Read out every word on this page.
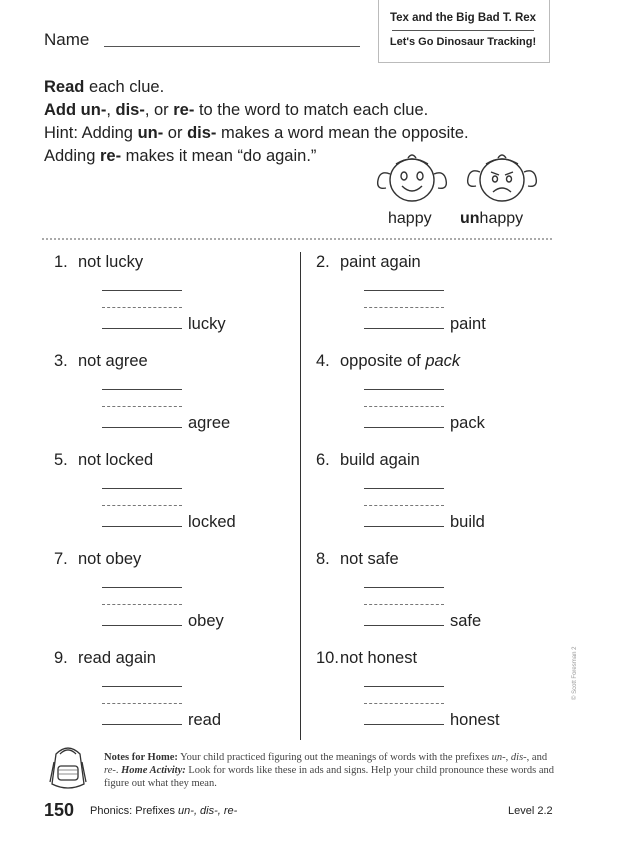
Name
Tex and the Big Bad T. Rex
Let's Go Dinosaur Tracking!
Read each clue.
Add un-, dis-, or re- to the word to match each clue.
Hint: Adding un- or dis- makes a word mean the opposite.
Adding re- makes it mean “do again.”
happy unhappy
1. not lucky
lucky
2. paint again
paint
3. not agree
agree
4. opposite of pack
pack
5. not locked
locked
6. build again
build
7. not obey
obey
8. not safe
safe
9. read again
read
10.not honest
honest
Notes for Home: Your child practiced figuring out the meanings of words with the prefixes un-, dis-, and re-. Home Activity: Look for words like these in ads and signs. Help your child pronounce these words and figure out what they mean.
© Scott Foresman 2
150 Phonics: Prefixes un-, dis-, re-	Level 2.2
